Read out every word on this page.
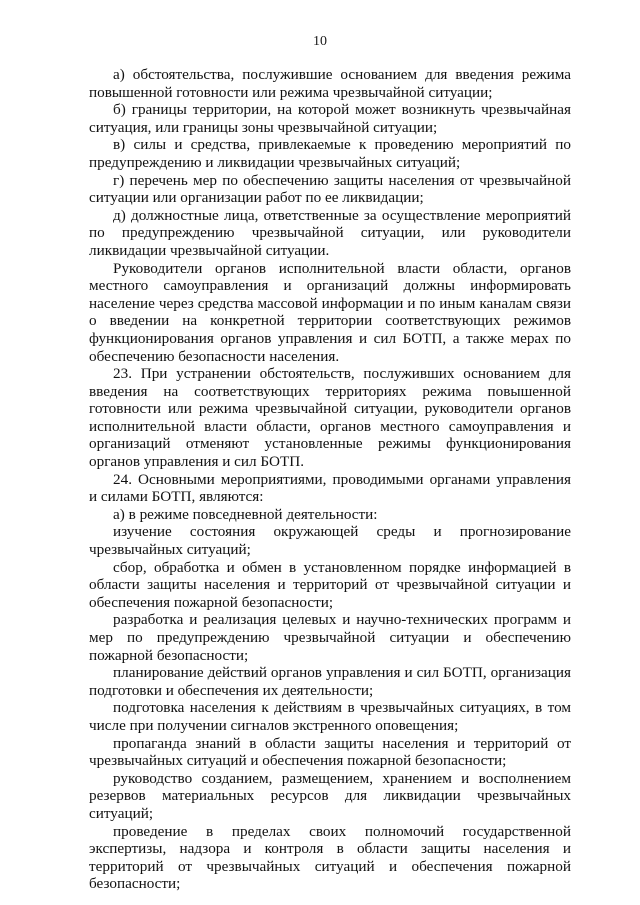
10

а) обстоятельства, послужившие основанием для введения режима повышенной готовности или режима чрезвычайной ситуации;

б) границы территории, на которой может возникнуть чрезвычайная ситуация, или границы зоны чрезвычайной ситуации;

в) силы и средства, привлекаемые к проведению мероприятий по предупреждению и ликвидации чрезвычайных ситуаций;

г) перечень мер по обеспечению защиты населения от чрезвычайной ситуации или организации работ по ее ликвидации;

д) должностные лица, ответственные за осуществление мероприятий по предупреждению чрезвычайной ситуации, или руководители ликвидации чрезвычайной ситуации.

Руководители органов исполнительной власти области, органов местного самоуправления и организаций должны информировать население через средства массовой информации и по иным каналам связи о введении на конкретной территории соответствующих режимов функционирования органов управления и сил БОТП, а также мерах по обеспечению безопасности населения.

23. При устранении обстоятельств, послуживших основанием для введения на соответствующих территориях режима повышенной готовности или режима чрезвычайной ситуации, руководители органов исполнительной власти области, органов местного самоуправления и организаций отменяют установленные режимы функционирования органов управления и сил БОТП.

24. Основными мероприятиями, проводимыми органами управления и силами БОТП, являются:

а) в режиме повседневной деятельности:

изучение состояния окружающей среды и прогнозирование чрезвычайных ситуаций;

сбор, обработка и обмен в установленном порядке информацией в области защиты населения и территорий от чрезвычайной ситуации и обеспечения пожарной безопасности;

разработка и реализация целевых и научно-технических программ и мер по предупреждению чрезвычайной ситуации и обеспечению пожарной безопасности;

планирование действий органов управления и сил БОТП, организация подготовки и обеспечения их деятельности;

подготовка населения к действиям в чрезвычайных ситуациях, в том числе при получении сигналов экстренного оповещения;

пропаганда знаний в области защиты населения и территорий от чрезвычайных ситуаций и обеспечения пожарной безопасности;

руководство созданием, размещением, хранением и восполнением резервов материальных ресурсов для ликвидации чрезвычайных ситуаций;

проведение в пределах своих полномочий государственной экспертизы, надзора и контроля в области защиты населения и территорий от чрезвычайных ситуаций и обеспечения пожарной безопасности;
